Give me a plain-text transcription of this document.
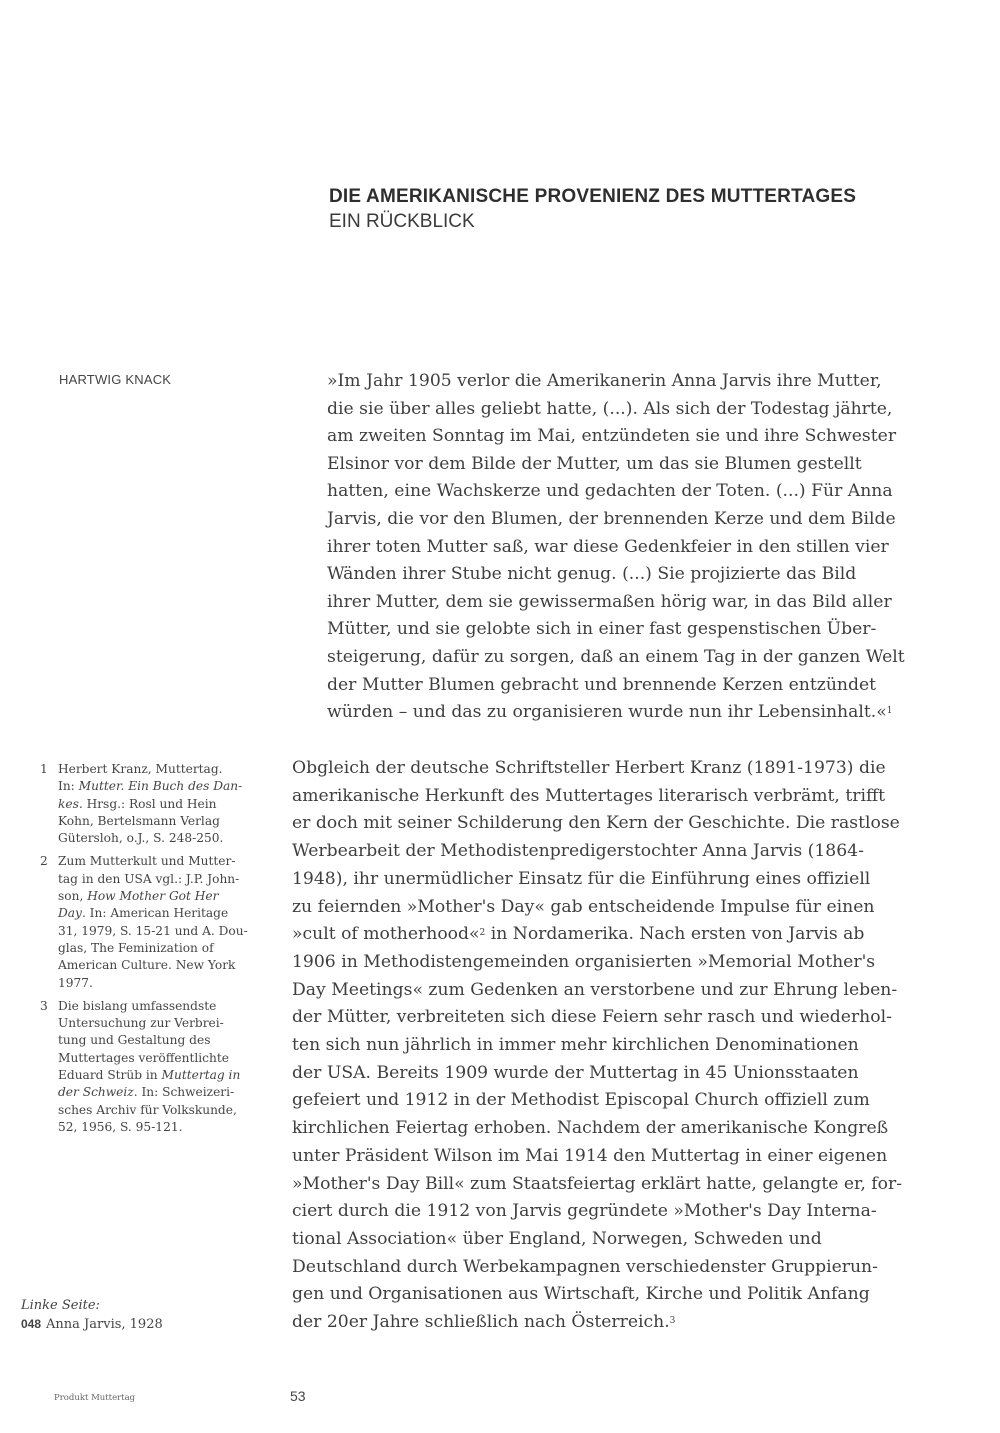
DIE AMERIKANISCHE PROVENIENZ DES MUTTERTAGES
EIN RÜCKBLICK
HARTWIG KNACK	»Im Jahr 1905 verlor die Amerikanerin Anna Jarvis ihre Mutter,
die sie über alles geliebt hatte, (...). Als sich der Todestag jährte,
am zweiten Sonntag im Mai, entzündeten sie und ihre Schwester
Elsinor vor dem Bilde der Mutter, um das sie Blumen gestellt
hatten, eine Wachskerze und gedachten der Toten. (...) Für Anna
Jarvis, die vor den Blumen, der brennenden Kerze und dem Bilde
ihrer toten Mutter saß, war diese Gedenkfeier in den stillen vier
Wänden ihrer Stube nicht genug. (...) Sie projizierte das Bild
ihrer Mutter, dem sie gewissermaßen hörig war, in das Bild aller
Mütter, und sie gelobte sich in einer fast gespenstischen Über-
steigerung, dafür zu sorgen, daß an einem Tag in der ganzen Welt
der Mutter Blumen gebracht und brennende Kerzen entzündet
würden – und das zu organisieren wurde nun ihr Lebensinhalt.«$^1$
1 Herbert Kranz, Muttertag.
In: Mutter. Ein Buch des Dan-
kes. Hrsg.: Rosl und Hein
Kohn, Bertelsmann Verlag
Gütersloh, o.J., S. 248-250.
2 Zum Mutterkult und Mutter-
tag in den USA vgl.: J.P. John-
son, How Mother Got Her
Day. In: American Heritage
31, 1979, S. 15-21 und A. Dou-
glas, The Feminization of
American Culture. New York
1977.
3 Die bislang umfassendste
Untersuchung zur Verbrei-
tung und Gestaltung des
Muttertages veröffentlichte
Eduard Strüb in Muttertag in
der Schweiz. In: Schweizeri-
sches Archiv für Volkskunde,
52, 1956, S. 95-121.
Obgleich der deutsche Schriftsteller Herbert Kranz (1891-1973) die
amerikanische Herkunft des Muttertages literarisch verbrämt, trifft
er doch mit seiner Schilderung den Kern der Geschichte. Die rastlose
Werbearbeit der Methodistenpredigerstochter Anna Jarvis (1864-
1948), ihr unermüdlicher Einsatz für die Einführung eines offiziell
zu feiernden »Mother's Day« gab entscheidende Impulse für einen
»cult of motherhood«$^2$ in Nordamerika. Nach ersten von Jarvis ab
1906 in Methodistengemeinden organisierten »Memorial Mother's
Day Meetings« zum Gedenken an verstorbene und zur Ehrung leben-
der Mütter, verbreiteten sich diese Feiern sehr rasch und wiederhol-
ten sich nun jährlich in immer mehr kirchlichen Denominationen
der USA. Bereits 1909 wurde der Muttertag in 45 Unionsstaaten
gefeiert und 1912 in der Methodist Episcopal Church offiziell zum
kirchlichen Feiertag erhoben. Nachdem der amerikanische Kongreß
unter Präsident Wilson im Mai 1914 den Muttertag in einer eigenen
»Mother's Day Bill« zum Staatsfeiertag erklärt hatte, gelangte er, for-
ciert durch die 1912 von Jarvis gegründete »Mother's Day Interna-
tional Association« über England, Norwegen, Schweden und
Deutschland durch Werbekampagnen verschiedenster Gruppierun-
gen und Organisationen aus Wirtschaft, Kirche und Politik Anfang
der 20er Jahre schließlich nach Österreich.$^3$
Linke Seite:
048 Anna Jarvis, 1928
Produkt Muttertag	53
